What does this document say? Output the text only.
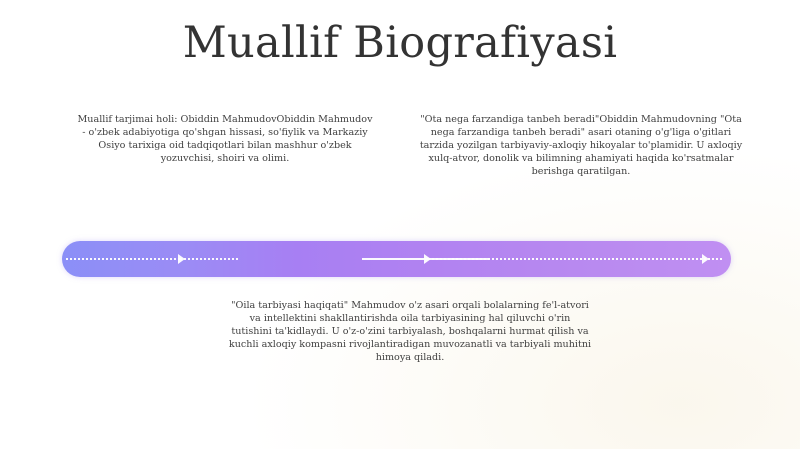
Muallif Biografiyasi

Muallif tarjimai holi: Obiddin MahmudovObiddin Mahmudov - o'zbek adabiyotiga qo'shgan hissasi, so'fiylik va Markaziy Osiyo tarixiga oid tadqiqotlari bilan mashhur o'zbek yozuvchisi, shoiri va olimi.

"Ota nega farzandiga tanbeh beradi"Obiddin Mahmudovning "Ota nega farzandiga tanbeh beradi" asari otaning o'g'liga o'gitlari tarzida yozilgan tarbiyaviy-axloqiy hikoyalar to'plamidir. U axloqiy xulq-atvor, donolik va bilimning ahamiyati haqida ko'rsatmalar berishga qaratilgan.

"Oila tarbiyasi haqiqati" Mahmudov o'z asari orqali bolalarning fe'l-atvori va intellektini shakllantirishda oila tarbiyasining hal qiluvchi o'rin tutishini ta'kidlaydi. U o'z-o'zini tarbiyalash, boshqalarni hurmat qilish va kuchli axloqiy kompasni rivojlantiradigan muvozanatli va tarbiyali muhitni himoya qiladi.
